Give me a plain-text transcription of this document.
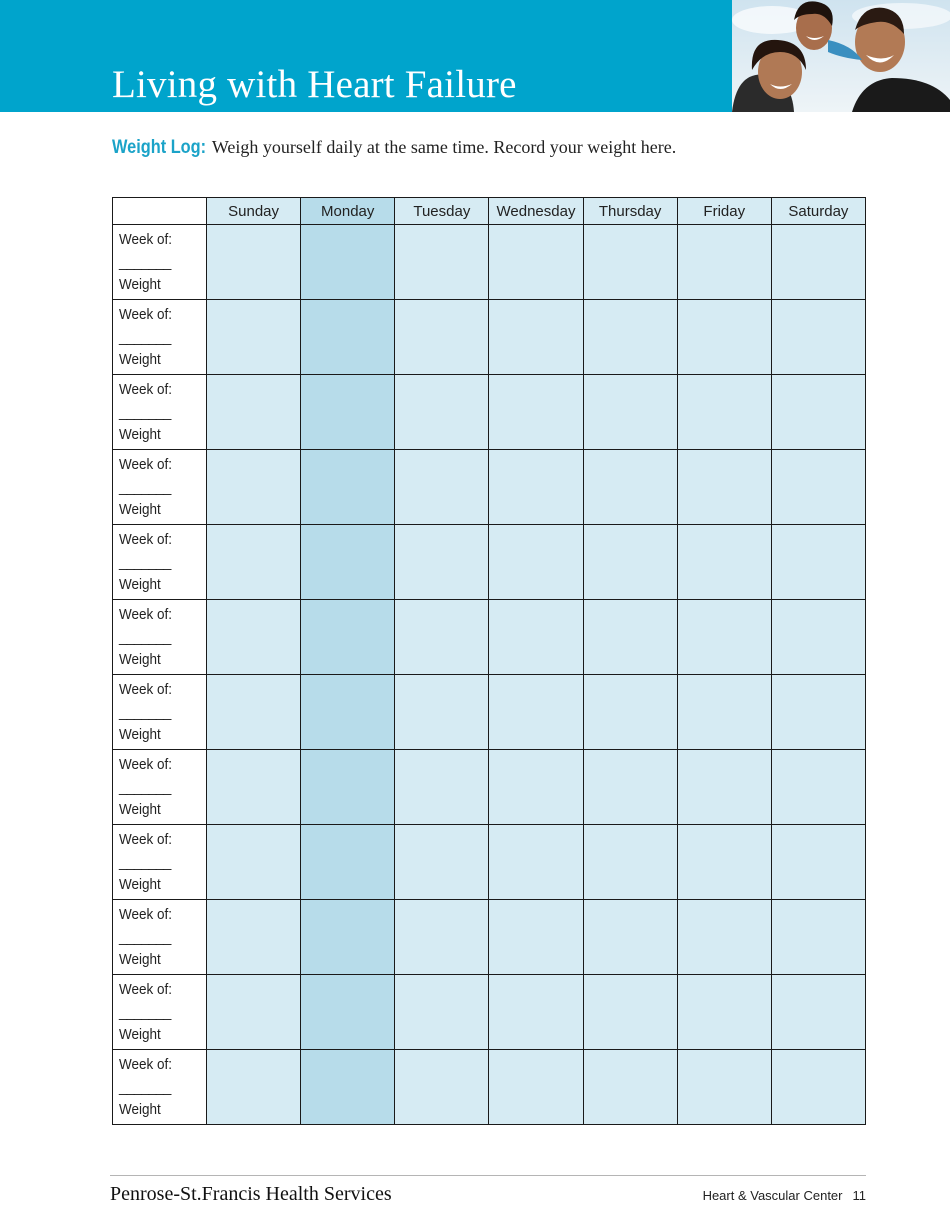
Living with Heart Failure
Weight Log: Weigh yourself daily at the same time. Record your weight here.
	Sunday	Monday	Tuesday	Wednesday	Thursday	Friday	Saturday

Week of:
_______
Weight							

Week of:
_______
Weight							

Week of:
_______
Weight							

Week of:
_______
Weight							

Week of:
_______
Weight							

Week of:
_______
Weight							

Week of:
_______
Weight							

Week of:
_______
Weight							

Week of:
_______
Weight							

Week of:
_______
Weight							

Week of:
_______
Weight							

Week of:
_______
Weight							

Penrose-St.Francis Health Services	Heart & Vascular Center 11
